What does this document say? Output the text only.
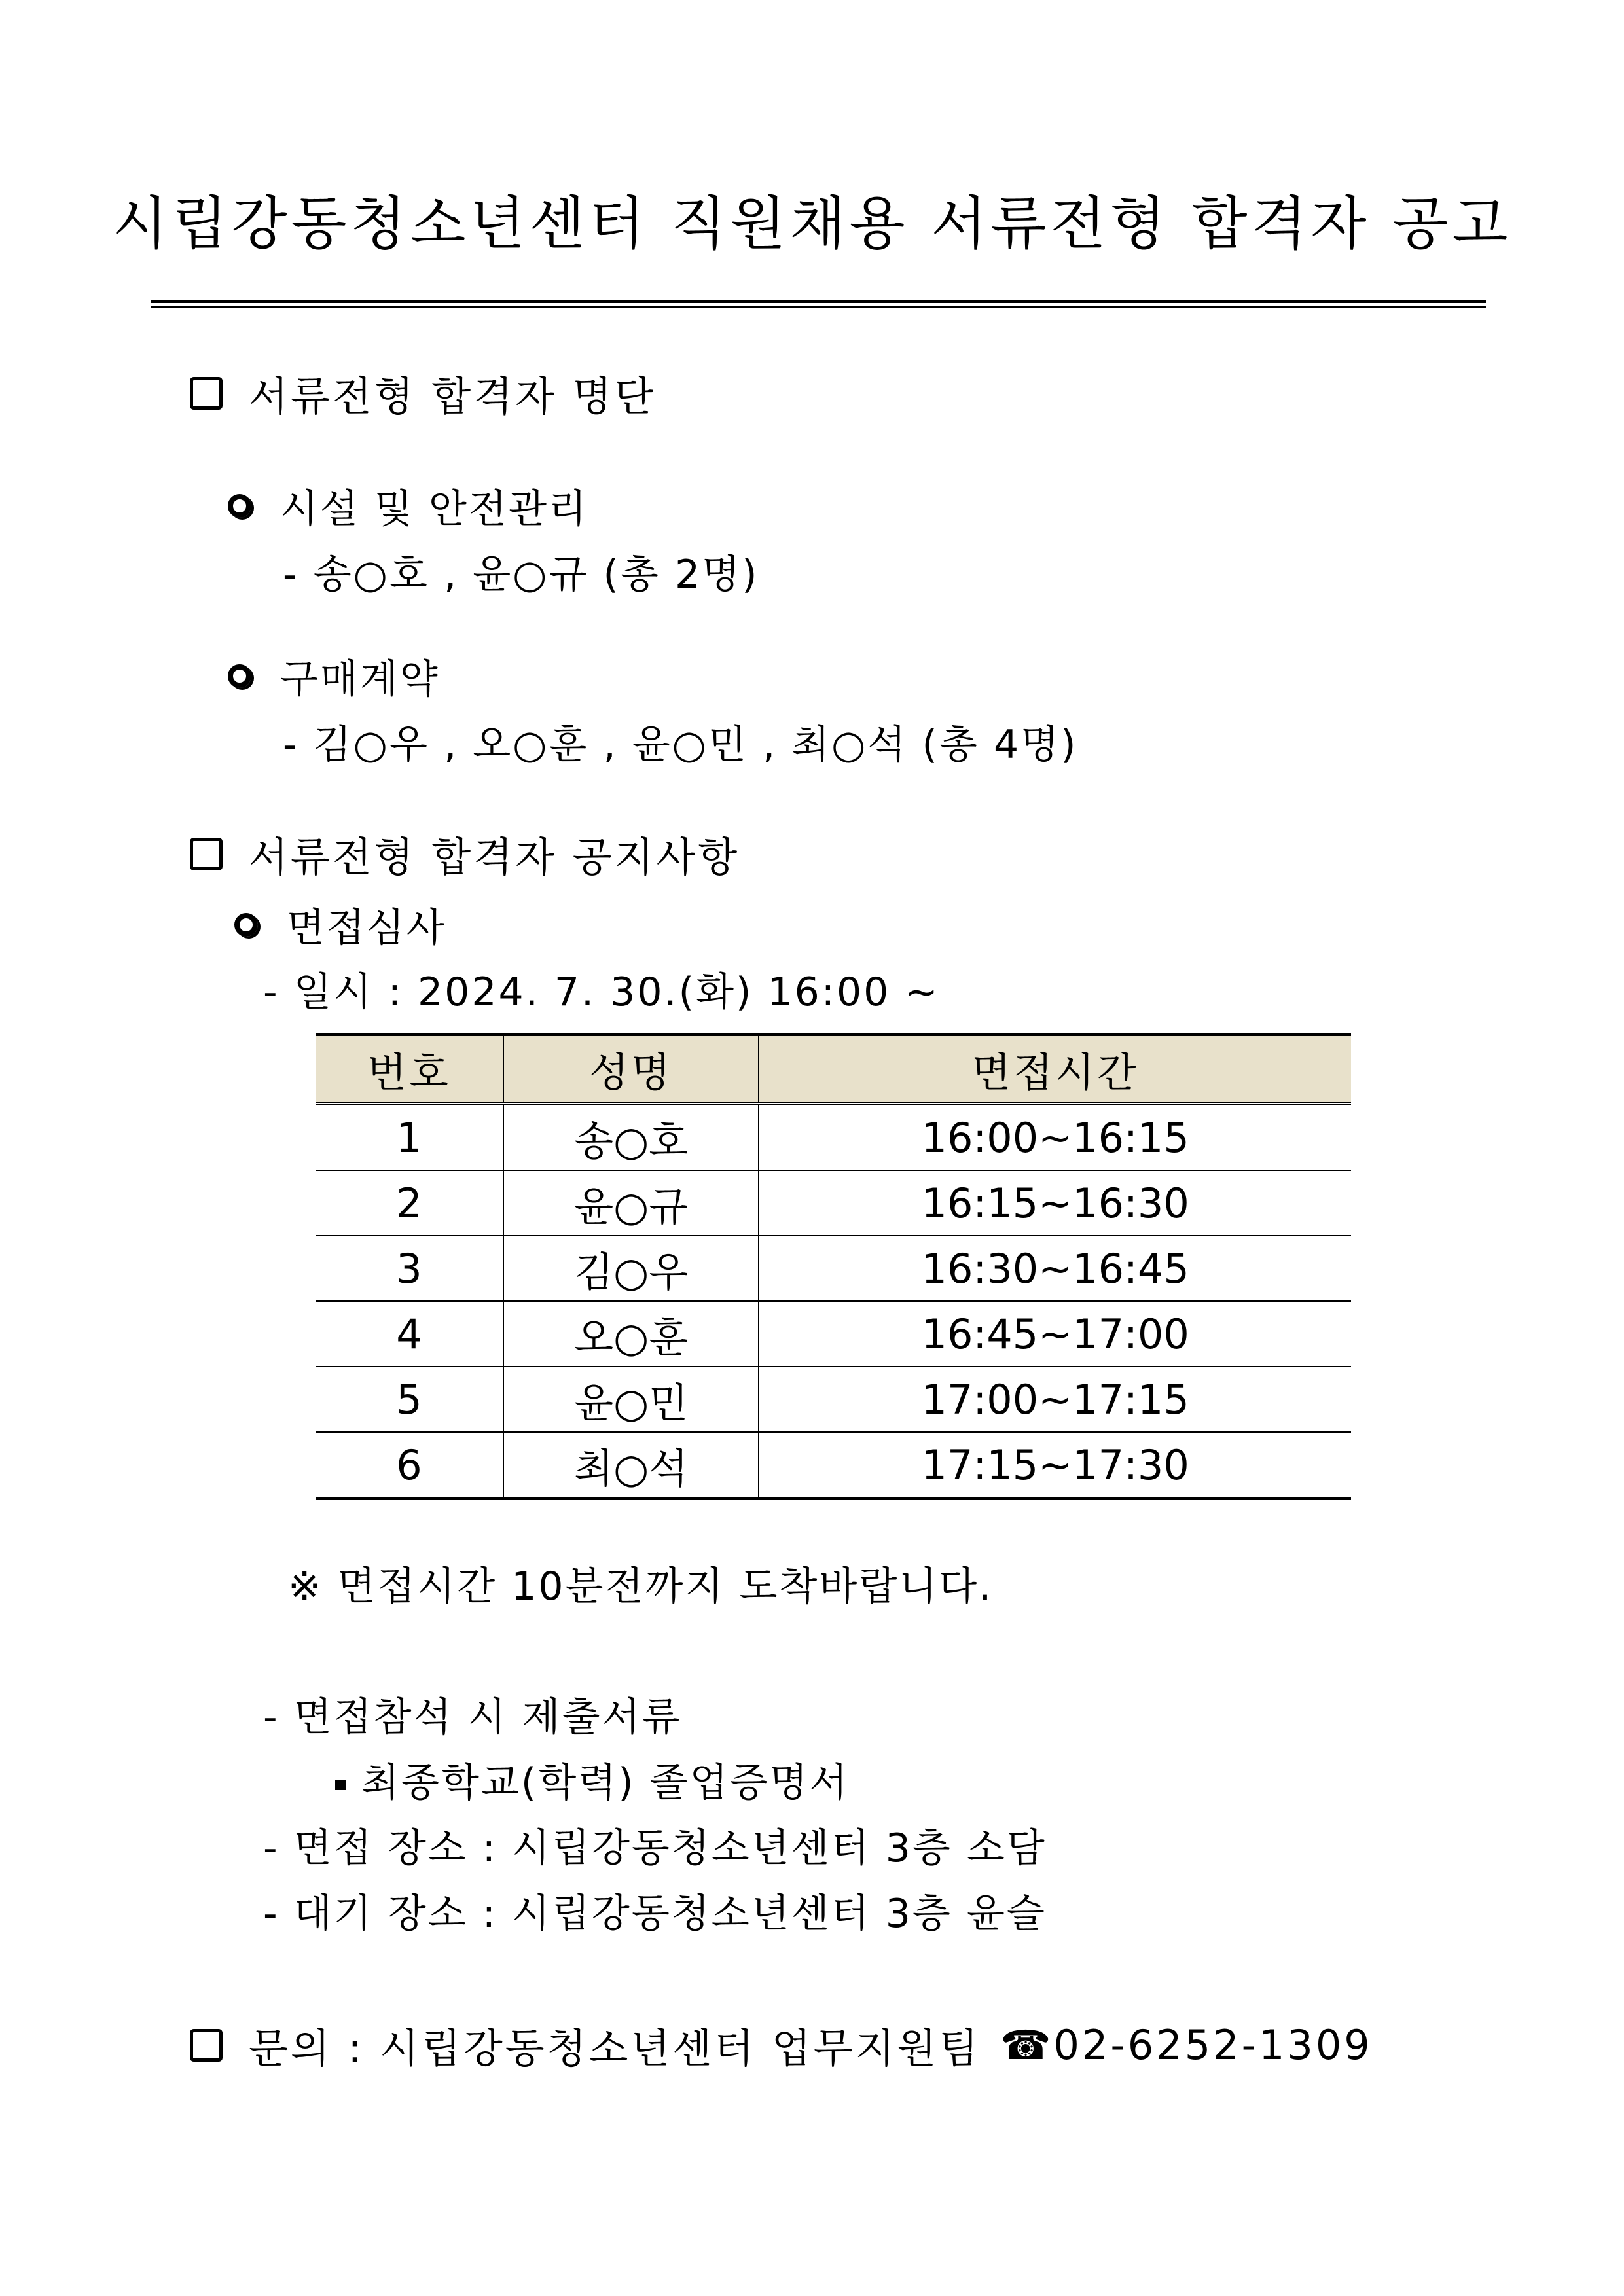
시립강동청소년센터 직원채용 서류전형 합격자 공고
서류전형 합격자 명단
시설 및 안전관리
- 송○호 , 윤○규 (총 2명)
구매계약
- 김○우 , 오○훈 , 윤○민 , 최○석 (총 4명)
서류전형 합격자 공지사항
면접심사
- 일시 : 2024. 7. 30.(화) 16:00 ~
번호	성명	면접시간
1	송○호	16:00~16:15
2	윤○규	16:15~16:30
3	김○우	16:30~16:45
4	오○훈	16:45~17:00
5	윤○민	17:00~17:15
6	최○석	17:15~17:30
※ 면접시간 10분전까지 도착바랍니다.
- 면접참석 시 제출서류
최종학교(학력) 졸업증명서
- 면접 장소 : 시립강동청소년센터 3층 소담
- 대기 장소 : 시립강동청소년센터 3층 윤슬
문의 : 시립강동청소년센터 업무지원팀 ☎ 02-6252-1309
